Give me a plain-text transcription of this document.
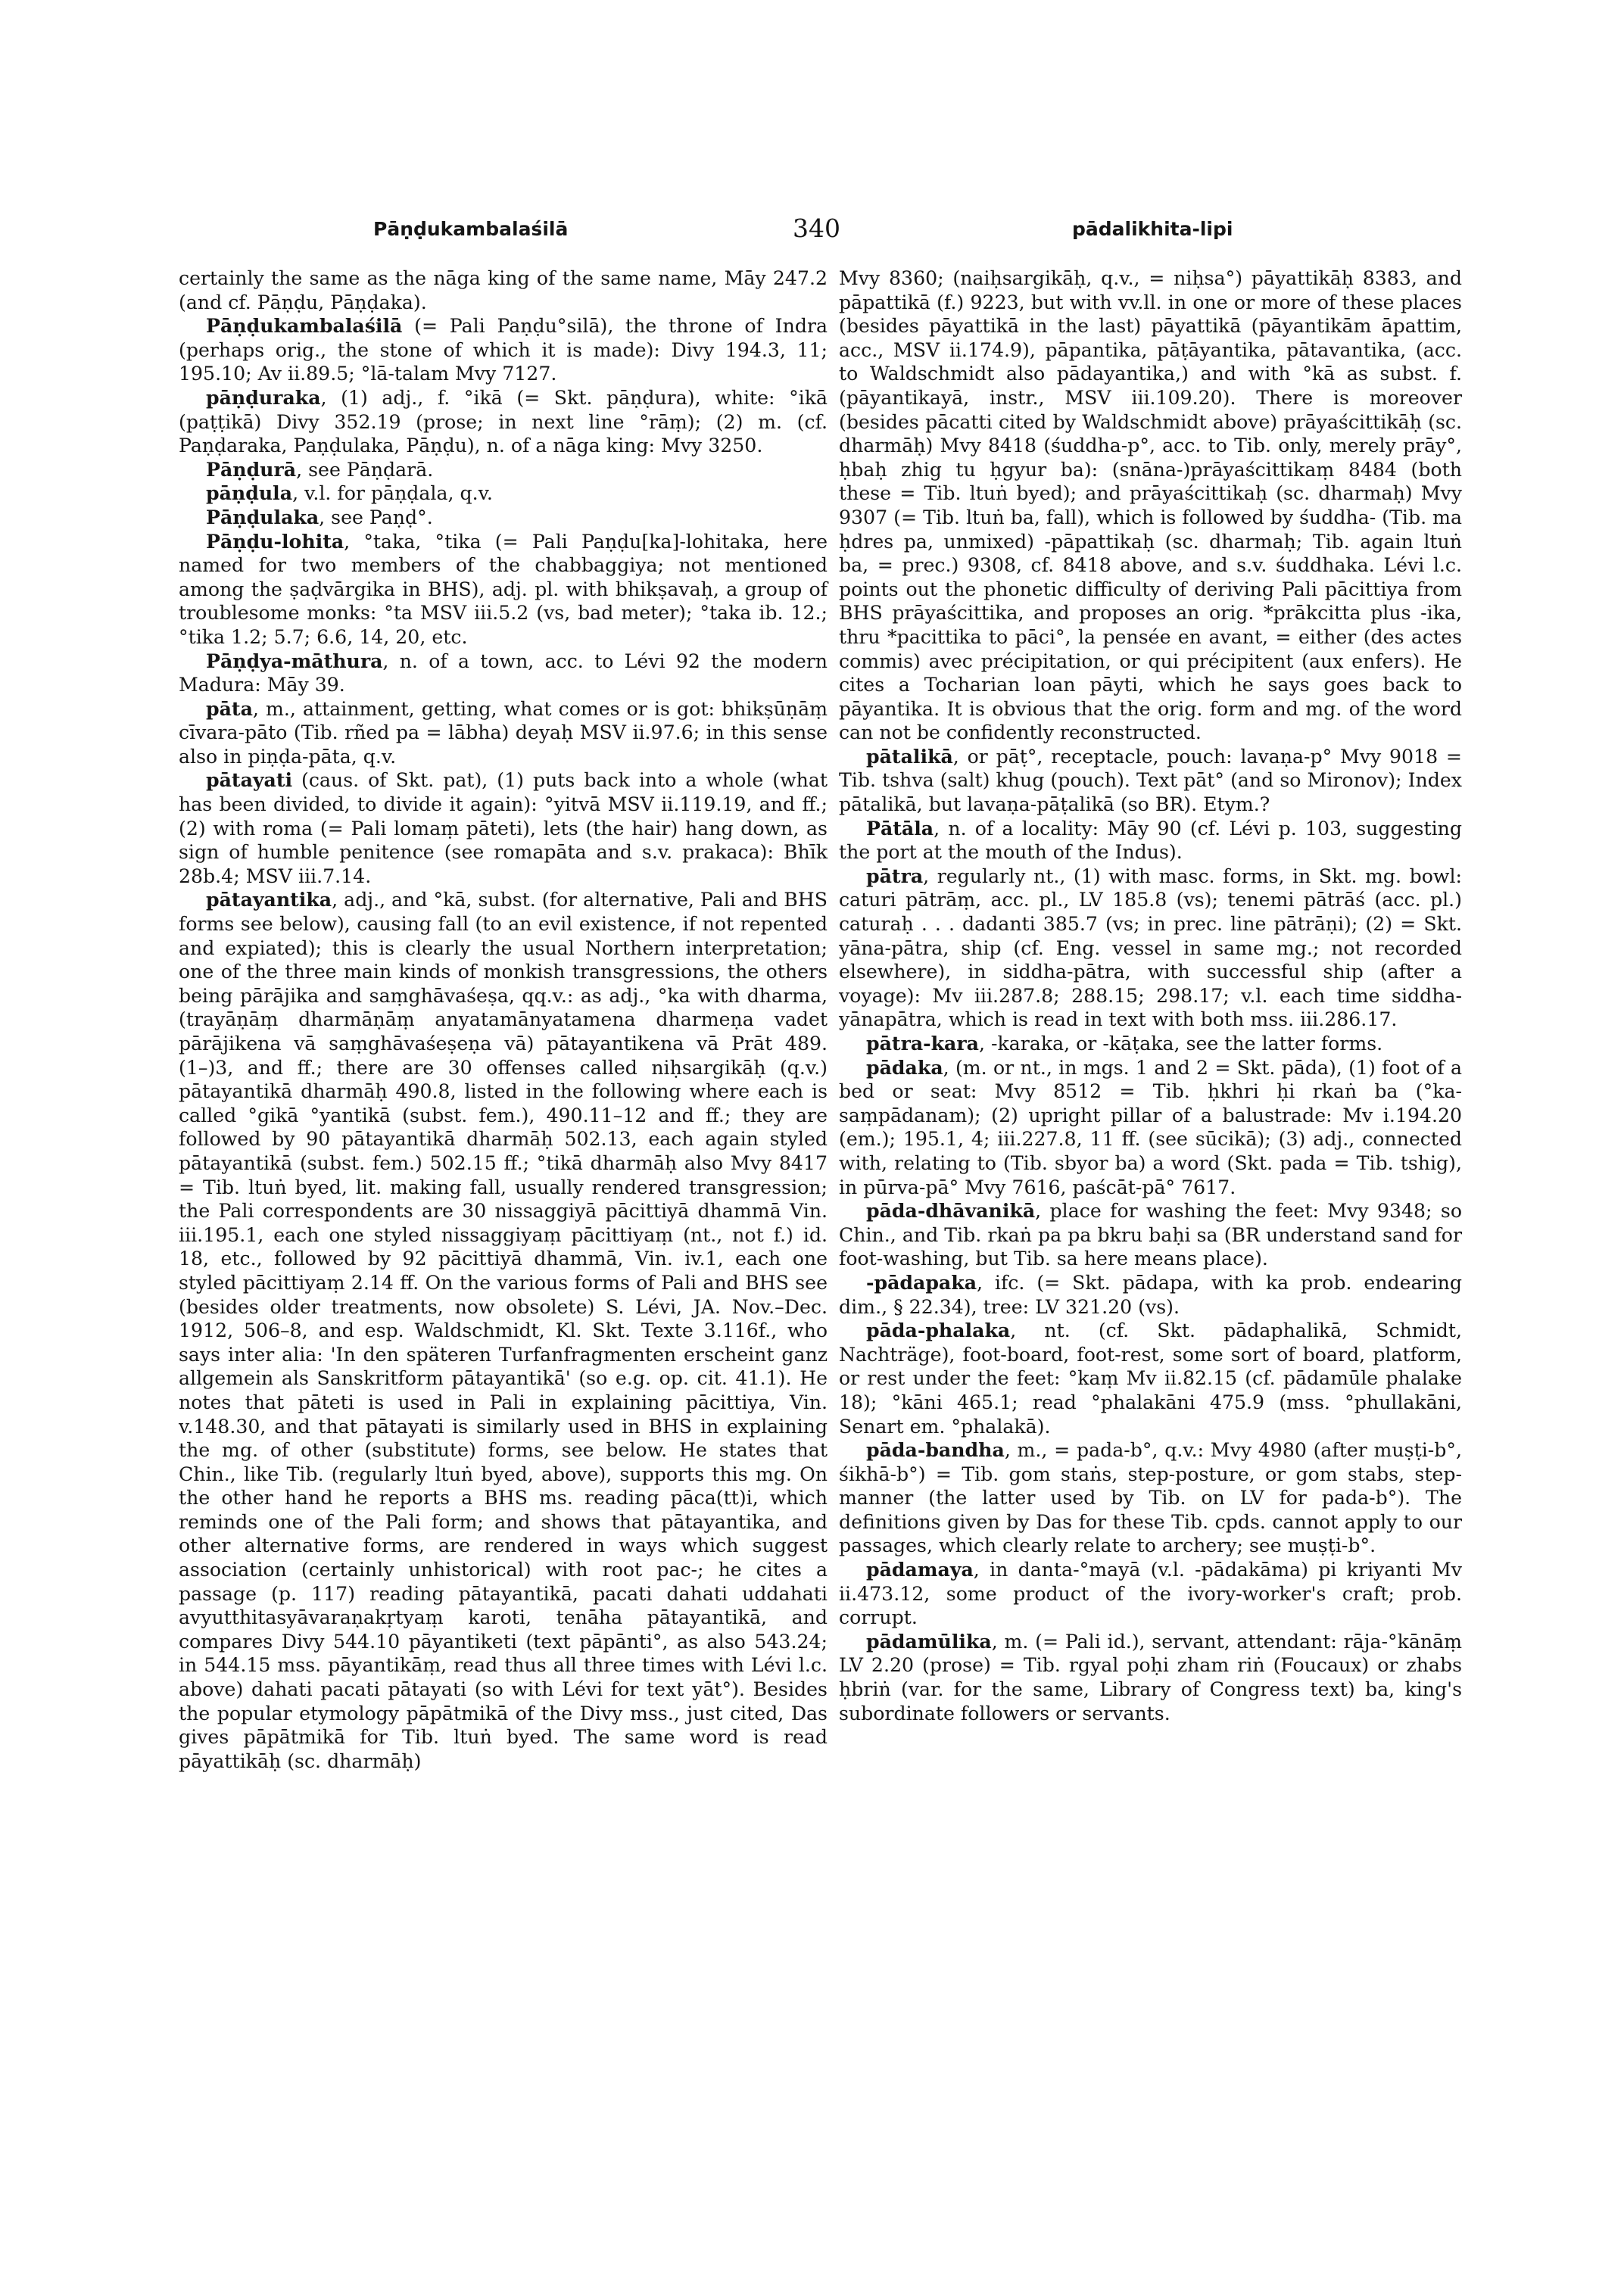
Pāṇḍukambalaśilā	340	pādalikhita-lipi

certainly the same as the nāga king of the same name, Māy 247.2 (and cf. Pāṇḍu, Pāṇḍaka).

Pāṇḍukambalaśilā (= Pali Paṇḍu°silā), the throne of Indra (perhaps orig., the stone of which it is made): Divy 194.3, 11; 195.10; Av ii.89.5; °lā-talam Mvy 7127.

pāṇḍuraka, (1) adj., f. °ikā (= Skt. pāṇḍura), white: °ikā (paṭṭikā) Divy 352.19 (prose; in next line °rāṃ); (2) m. (cf. Paṇḍaraka, Paṇḍulaka, Pāṇḍu), n. of a nāga king: Mvy 3250.

Pāṇḍurā, see Pāṇḍarā.

pāṇḍula, v.l. for pāṇḍala, q.v.

Pāṇḍulaka, see Paṇḍ°.

Pāṇḍu-lohita, °taka, °tika (= Pali Paṇḍu[ka]-lohitaka, here named for two members of the chabbaggiya; not mentioned among the ṣaḍvārgika in BHS), adj. pl. with bhikṣavaḥ, a group of troublesome monks: °ta MSV iii.5.2 (vs, bad meter); °taka ib. 12.; °tika 1.2; 5.7; 6.6, 14, 20, etc.

Pāṇḍya-māthura, n. of a town, acc. to Lévi 92 the modern Madura: Māy 39.

pāta, m., attainment, getting, what comes or is got: bhikṣūṇāṃ cīvara-pāto (Tib. rñed pa = lābha) deyaḥ MSV ii.97.6; in this sense also in piṇḍa-pāta, q.v.

pātayati (caus. of Skt. pat), (1) puts back into a whole (what has been divided, to divide it again): °yitvā MSV ii.119.19, and ff.; (2) with roma (= Pali lomaṃ pāteti), lets (the hair) hang down, as sign of humble penitence (see romapāta and s.v. prakaca): Bhīk 28b.4; MSV iii.7.14.

pātayantika, adj., and °kā, subst. (for alternative, Pali and BHS forms see below), causing fall (to an evil existence, if not repented and expiated); this is clearly the usual Northern interpretation; one of the three main kinds of monkish transgressions, the others being pārājika and saṃghāvaśeṣa, qq.v.: as adj., °ka with dharma, (trayāṇāṃ dharmāṇāṃ anyatamānyatamena dharmeṇa vadet pārājikena vā saṃghāvaśeṣeṇa vā) pātayantikena vā Prāt 489.(1–)3, and ff.; there are 30 offenses called niḥsargikāḥ (q.v.) pātayantikā dharmāḥ 490.8, listed in the following where each is called °gikā °yantikā (subst. fem.), 490.11–12 and ff.; they are followed by 90 pātayantikā dharmāḥ 502.13, each again styled pātayantikā (subst. fem.) 502.15 ff.; °tikā dharmāḥ also Mvy 8417 = Tib. ltuṅ byed, lit. making fall, usually rendered transgression; the Pali correspondents are 30 nissaggiyā pācittiyā dhammā Vin. iii.195.1, each one styled nissaggiyaṃ pācittiyaṃ (nt., not f.) id. 18, etc., followed by 92 pācittiyā dhammā, Vin. iv.1, each one styled pācittiyaṃ 2.14 ff. On the various forms of Pali and BHS see (besides older treatments, now obsolete) S. Lévi, JA. Nov.–Dec. 1912, 506–8, and esp. Waldschmidt, Kl. Skt. Texte 3.116f., who says inter alia: 'In den späteren Turfanfragmenten erscheint ganz allgemein als Sanskritform pātayantikā' (so e.g. op. cit. 41.1). He notes that pāteti is used in Pali in explaining pācittiya, Vin. v.148.30, and that pātayati is similarly used in BHS in explaining the mg. of other (substitute) forms, see below. He states that Chin., like Tib. (regularly ltuṅ byed, above), supports this mg. On the other hand he reports a BHS ms. reading pāca(tt)i, which reminds one of the Pali form; and shows that pātayantika, and other alternative forms, are rendered in ways which suggest association (certainly unhistorical) with root pac-; he cites a passage (p. 117) reading pātayantikā, pacati dahati uddahati avyutthitasyāvaraṇakṛtyaṃ karoti, tenāha pātayantikā, and compares Divy 544.10 pāyantiketi (text pāpānti°, as also 543.24; in 544.15 mss. pāyantikāṃ, read thus all three times with Lévi l.c. above) dahati pacati pātayati (so with Lévi for text yāt°). Besides the popular etymology pāpātmikā of the Divy mss., just cited, Das gives pāpātmikā for Tib. ltuṅ byed. The same word is read pāyattikāḥ (sc. dharmāḥ)

Mvy 8360; (naiḥsargikāḥ, q.v., = niḥsa°) pāyattikāḥ 8383, and pāpattikā (f.) 9223, but with vv.ll. in one or more of these places (besides pāyattikā in the last) pāyattikā (pāyantikām āpattim, acc., MSV ii.174.9), pāpantika, pāṭāyantika, pātavantika, (acc. to Waldschmidt also pādayantika,) and with °kā as subst. f. (pāyantikayā, instr., MSV iii.109.20). There is moreover (besides pācatti cited by Waldschmidt above) prāyaścittikāḥ (sc. dharmāḥ) Mvy 8418 (śuddha-p°, acc. to Tib. only, merely prāy°, ḥbaḥ zhig tu ḥgyur ba): (snāna-)prāyaścittikaṃ 8484 (both these = Tib. ltuṅ byed); and prāyaścittikaḥ (sc. dharmaḥ) Mvy 9307 (= Tib. ltuṅ ba, fall), which is followed by śuddha- (Tib. ma ḥdres pa, unmixed) -pāpattikaḥ (sc. dharmaḥ; Tib. again ltuṅ ba, = prec.) 9308, cf. 8418 above, and s.v. śuddhaka. Lévi l.c. points out the phonetic difficulty of deriving Pali pācittiya from BHS prāyaścittika, and proposes an orig. *prākcitta plus -ika, thru *pacittika to pāci°, la pensée en avant, = either (des actes commis) avec précipitation, or qui précipitent (aux enfers). He cites a Tocharian loan pāyti, which he says goes back to pāyantika. It is obvious that the orig. form and mg. of the word can not be confidently reconstructed.

pātalikā, or pāṭ°, receptacle, pouch: lavaṇa-p° Mvy 9018 = Tib. tshva (salt) khug (pouch). Text pāt° (and so Mironov); Index pātalikā, but lavaṇa-pāṭalikā (so BR). Etym.?

Pātāla, n. of a locality: Māy 90 (cf. Lévi p. 103, suggesting the port at the mouth of the Indus).

pātra, regularly nt., (1) with masc. forms, in Skt. mg. bowl: caturi pātrāṃ, acc. pl., LV 185.8 (vs); tenemi pātrāś (acc. pl.) caturaḥ . . . dadanti 385.7 (vs; in prec. line pātrāṇi); (2) = Skt. yāna-pātra, ship (cf. Eng. vessel in same mg.; not recorded elsewhere), in siddha-pātra, with successful ship (after a voyage): Mv iii.287.8; 288.15; 298.17; v.l. each time siddha-yānapātra, which is read in text with both mss. iii.286.17.

pātra-kara, -karaka, or -kāṭaka, see the latter forms.

pādaka, (m. or nt., in mgs. 1 and 2 = Skt. pāda), (1) foot of a bed or seat: Mvy 8512 = Tib. ḥkhri ḥi rkaṅ ba (°ka-saṃpādanam); (2) upright pillar of a balustrade: Mv i.194.20 (em.); 195.1, 4; iii.227.8, 11 ff. (see sūcikā); (3) adj., connected with, relating to (Tib. sbyor ba) a word (Skt. pada = Tib. tshig), in pūrva-pā° Mvy 7616, paścāt-pā° 7617.

pāda-dhāvanikā, place for washing the feet: Mvy 9348; so Chin., and Tib. rkaṅ pa pa bkru baḥi sa (BR understand sand for foot-washing, but Tib. sa here means place).

-pādapaka, ifc. (= Skt. pādapa, with ka prob. endearing dim., § 22.34), tree: LV 321.20 (vs).

pāda-phalaka, nt. (cf. Skt. pādaphalikā, Schmidt, Nachträge), foot-board, foot-rest, some sort of board, platform, or rest under the feet: °kaṃ Mv ii.82.15 (cf. pādamūle phalake 18); °kāni 465.1; read °phalakāni 475.9 (mss. °phullakāni, Senart em. °phalakā).

pāda-bandha, m., = pada-b°, q.v.: Mvy 4980 (after muṣṭi-b°, śikhā-b°) = Tib. gom staṅs, step-posture, or gom stabs, step-manner (the latter used by Tib. on LV for pada-b°). The definitions given by Das for these Tib. cpds. cannot apply to our passages, which clearly relate to archery; see muṣṭi-b°.

pādamaya, in danta-°mayā (v.l. -pādakāma) pi kriyanti Mv ii.473.12, some product of the ivory-worker's craft; prob. corrupt.

pādamūlika, m. (= Pali id.), servant, attendant: rāja-°kānāṃ LV 2.20 (prose) = Tib. rgyal poḥi zham riṅ (Foucaux) or zhabs ḥbriṅ (var. for the same, Library of Congress text) ba, king's subordinate followers or servants.
